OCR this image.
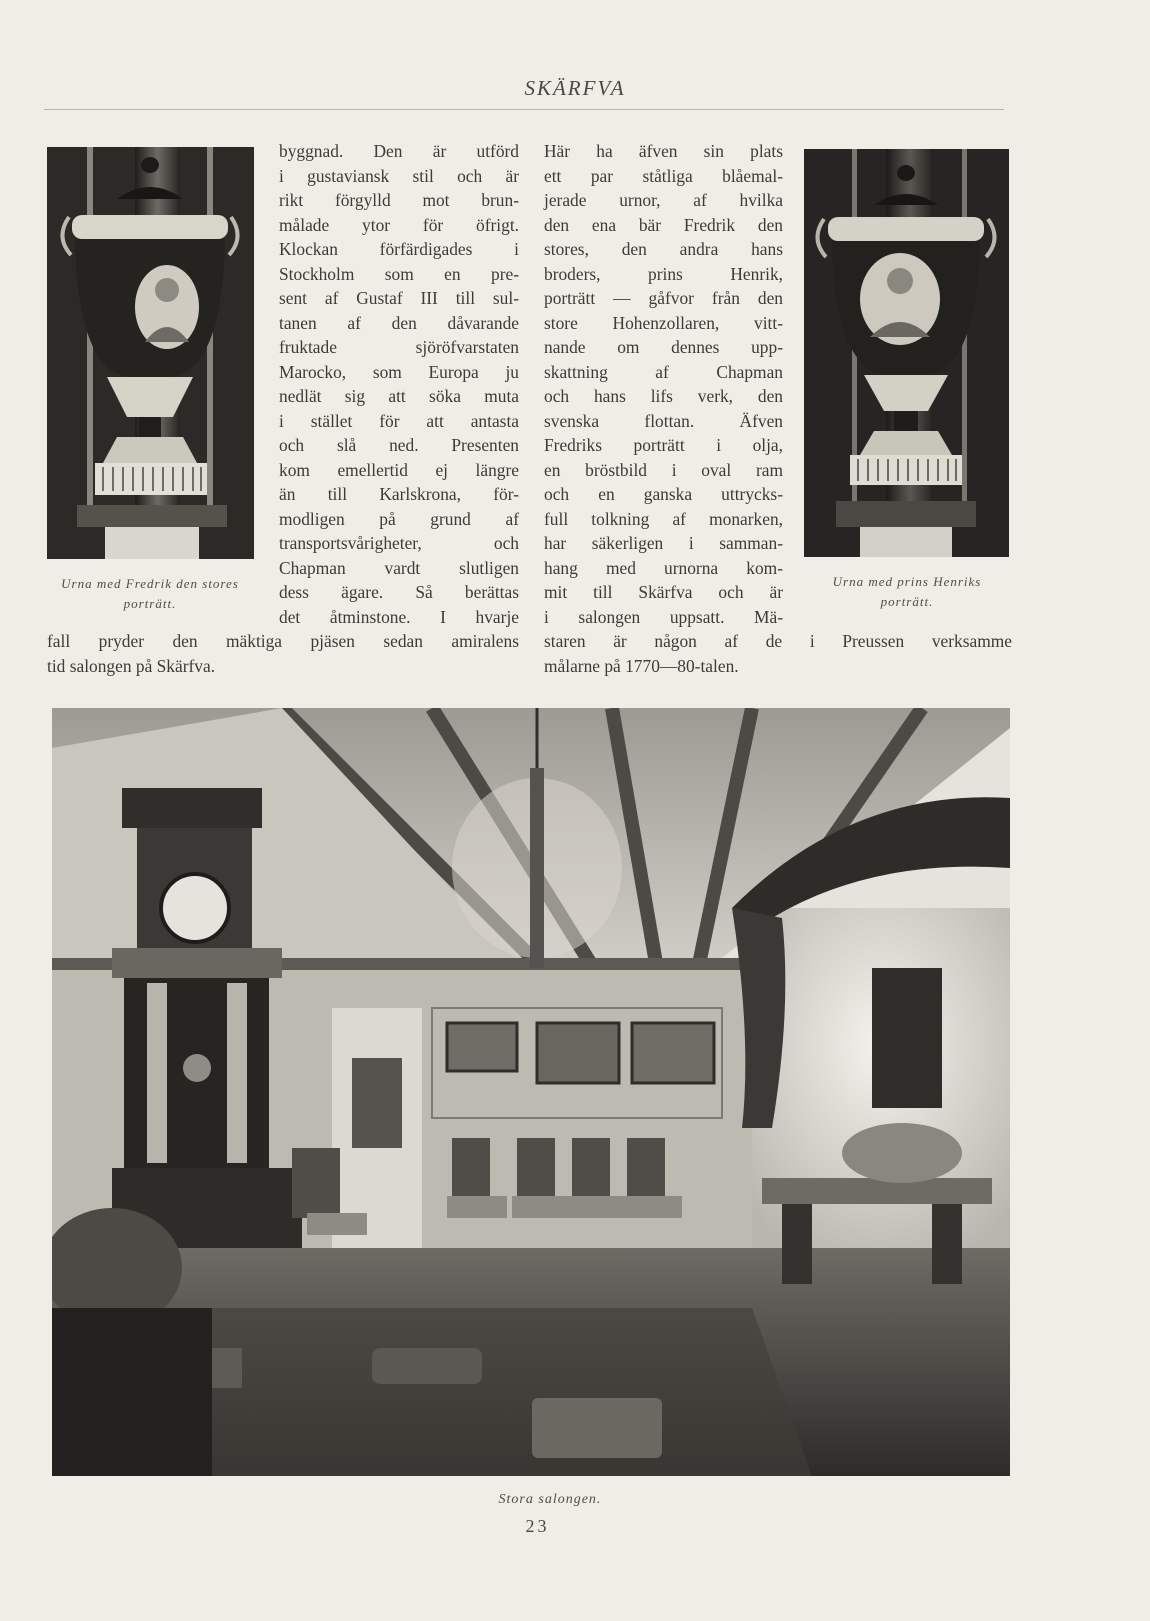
SKÄRFVA
Urna med Fredrik den stores porträtt.
Urna med prins Henriks porträtt.
byggnad. Den är utförd
i gustaviansk stil och är
rikt förgylld mot brun-
målade ytor för öfrigt.
Klockan förfärdigades i
Stockholm som en pre-
sent af Gustaf III till sul-
tanen af den dåvarande
fruktade sjöröfvarstaten
Marocko, som Europa ju
nedlät sig att söka muta
i stället för att antasta
och slå ned. Presenten
kom emellertid ej längre
än till Karlskrona, för-
modligen på grund af
transportsvårigheter, och
Chapman vardt slutligen
dess ägare. Så berättas
det åtminstone. I hvarje
fall pryder den mäktiga pjäsen sedan amiralens
tid salongen på Skärfva.
Här ha äfven sin plats
ett par ståtliga blåemal-
jerade urnor, af hvilka
den ena bär Fredrik den
stores, den andra hans
broders, prins Henrik,
porträtt — gåfvor från den
store Hohenzollaren, vitt-
nande om dennes upp-
skattning af Chapman
och hans lifs verk, den
svenska flottan. Äfven
Fredriks porträtt i olja,
en bröstbild i oval ram
och en ganska uttrycks-
full tolkning af monarken,
har säkerligen i samman-
hang med urnorna kom-
mit till Skärfva och är
i salongen uppsatt. Mä-
staren är någon af de i Preussen verksamme
målarne på 1770—80-talen.
Stora salongen.
23
